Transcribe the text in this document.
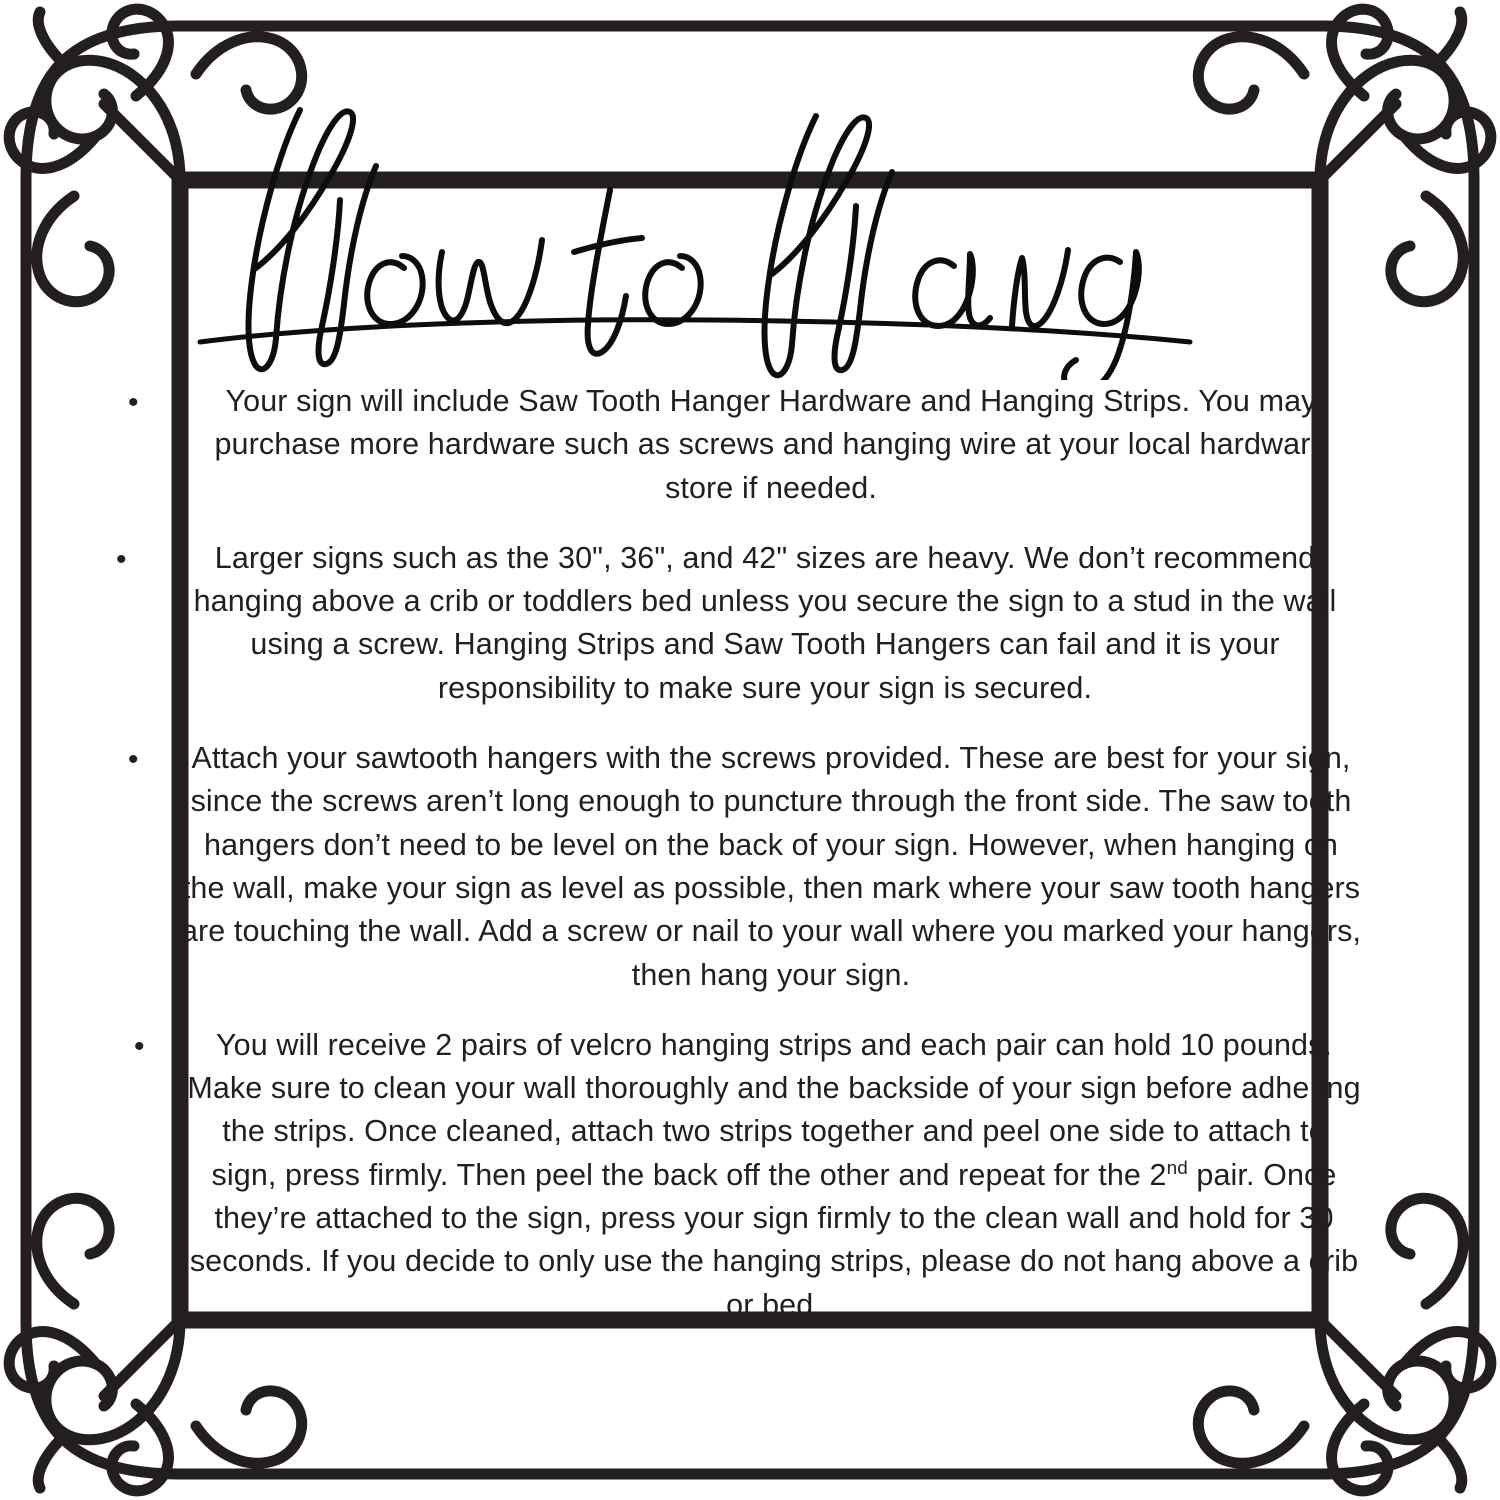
•	Your sign will include Saw Tooth Hanger Hardware and Hanging Strips. You may purchase more hardware such as screws and hanging wire at your local hardware store if needed.
•	Larger signs such as the 30", 36", and 42" sizes are heavy. We don’t recommend hanging above a crib or toddlers bed unless you secure the sign to a stud in the wall using a screw. Hanging Strips and Saw Tooth Hangers can fail and it is your responsibility to make sure your sign is secured.
•	Attach your sawtooth hangers with the screws provided. These are best for your sign, since the screws aren’t long enough to puncture through the front side. The saw tooth hangers don’t need to be level on the back of your sign. However, when hanging on the wall, make your sign as level as possible, then mark where your saw tooth hangers are touching the wall. Add a screw or nail to your wall where you marked your hangers, then hang your sign.
•	You will receive 2 pairs of velcro hanging strips and each pair can hold 10 pounds. Make sure to clean your wall thoroughly and the backside of your sign before adhering the strips. Once cleaned, attach two strips together and peel one side to attach to sign, press firmly. Then peel the back off the other and repeat for the 2nd pair. Once they’re attached to the sign, press your sign firmly to the clean wall and hold for 30 seconds. If you decide to only use the hanging strips, please do not hang above a crib or bed.
